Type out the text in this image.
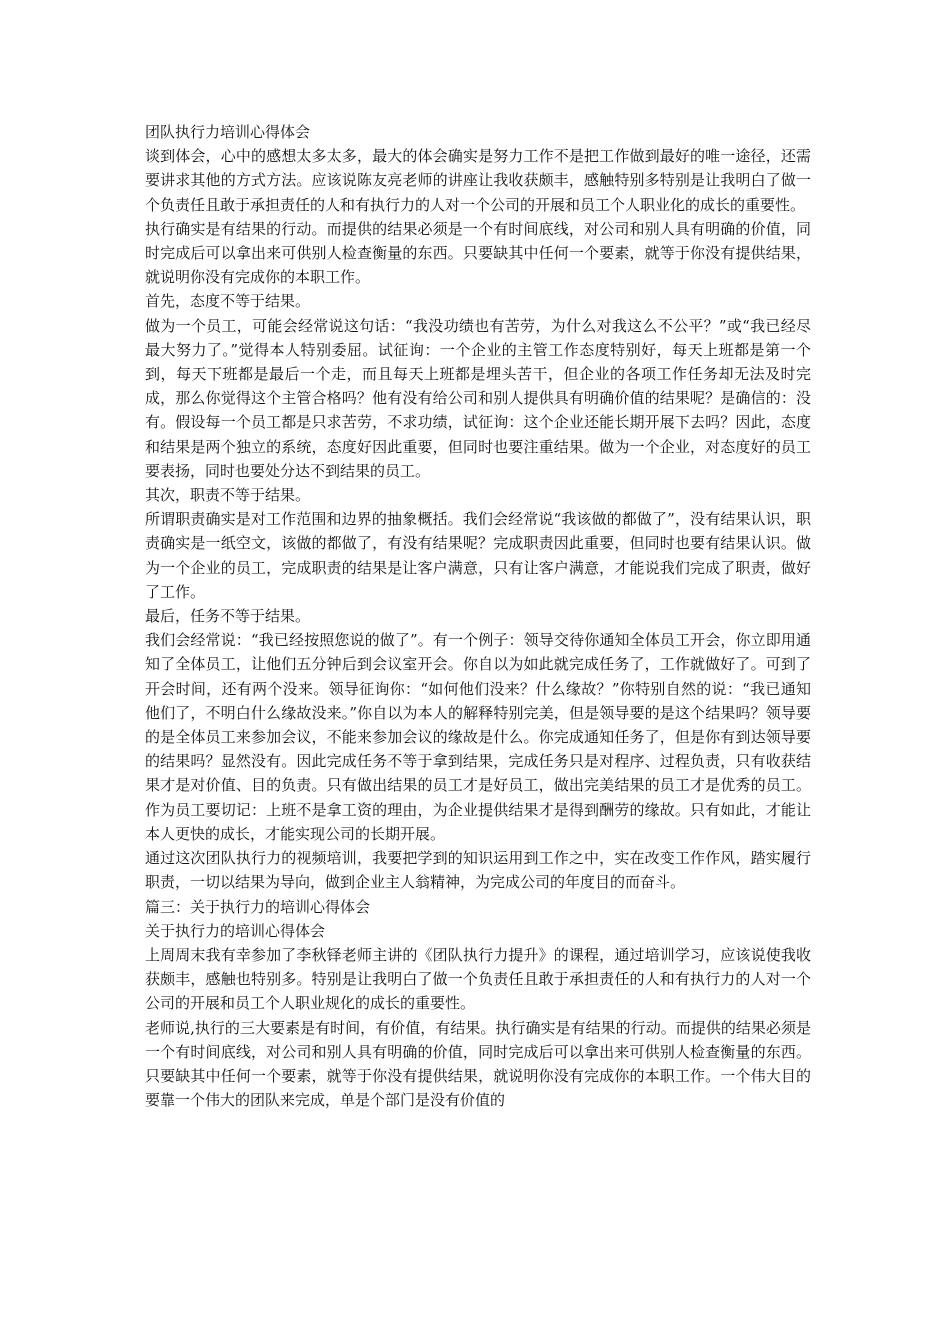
团队执行力培训心得体会

谈到体会，心中的感想太多太多，最大的体会确实是努力工作不是把工作做到最好的唯一途径，还需要讲求其他的方式方法。应该说陈友亮老师的讲座让我收获颇丰，感触特别多特别是让我明白了做一个负责任且敢于承担责任的人和有执行力的人对一个公司的开展和员工个人职业化的成长的重要性。

执行确实是有结果的行动。而提供的结果必须是一个有时间底线，对公司和别人具有明确的价值，同时完成后可以拿出来可供别人检查衡量的东西。只要缺其中任何一个要素，就等于你没有提供结果，就说明你没有完成你的本职工作。

首先，态度不等于结果。

做为一个员工，可能会经常说这句话：“我没功绩也有苦劳，为什么对我这么不公平？”或“我已经尽最大努力了。”觉得本人特别委屈。试征询：一个企业的主管工作态度特别好，每天上班都是第一个到，每天下班都是最后一个走，而且每天上班都是埋头苦干，但企业的各项工作任务却无法及时完成，那么你觉得这个主管合格吗？他有没有给公司和别人提供具有明确价值的结果呢？是确信的：没有。假设每一个员工都是只求苦劳，不求功绩，试征询：这个企业还能长期开展下去吗？因此，态度和结果是两个独立的系统，态度好因此重要，但同时也要注重结果。做为一个企业，对态度好的员工要表扬，同时也要处分达不到结果的员工。

其次，职责不等于结果。

所谓职责确实是对工作范围和边界的抽象概括。我们会经常说“我该做的都做了”，没有结果认识，职责确实是一纸空文，该做的都做了，有没有结果呢？完成职责因此重要，但同时也要有结果认识。做为一个企业的员工，完成职责的结果是让客户满意，只有让客户满意，才能说我们完成了职责，做好了工作。

最后，任务不等于结果。

我们会经常说：“我已经按照您说的做了”。有一个例子：领导交待你通知全体员工开会，你立即用通知了全体员工，让他们五分钟后到会议室开会。你自以为如此就完成任务了，工作就做好了。可到了开会时间，还有两个没来。领导征询你：“如何他们没来？什么缘故？”你特别自然的说：“我已通知他们了，不明白什么缘故没来。”你自以为本人的解释特别完美，但是领导要的是这个结果吗？领导要的是全体员工来参加会议，不能来参加会议的缘故是什么。你完成通知任务了，但是你有到达领导要的结果吗？显然没有。因此完成任务不等于拿到结果，完成任务只是对程序、过程负责，只有收获结果才是对价值、目的负责。只有做出结果的员工才是好员工，做出完美结果的员工才是优秀的员工。作为员工要切记：上班不是拿工资的理由，为企业提供结果才是得到酬劳的缘故。只有如此，才能让本人更快的成长，才能实现公司的长期开展。

通过这次团队执行力的视频培训，我要把学到的知识运用到工作之中，实在改变工作作风，踏实履行职责，一切以结果为导向，做到企业主人翁精神，为完成公司的年度目的而奋斗。

篇三：关于执行力的培训心得体会

关于执行力的培训心得体会

上周周末我有幸参加了李秋铎老师主讲的《团队执行力提升》的课程，通过培训学习，应该说使我收获颇丰，感触也特别多。特别是让我明白了做一个负责任且敢于承担责任的人和有执行力的人对一个公司的开展和员工个人职业规化的成长的重要性。

老师说,执行的三大要素是有时间，有价值，有结果。执行确实是有结果的行动。而提供的结果必须是一个有时间底线，对公司和别人具有明确的价值，同时完成后可以拿出来可供别人检查衡量的东西。只要缺其中任何一个要素，就等于你没有提供结果，就说明你没有完成你的本职工作。一个伟大目的要靠一个伟大的团队来完成，单是个部门是没有价值的
